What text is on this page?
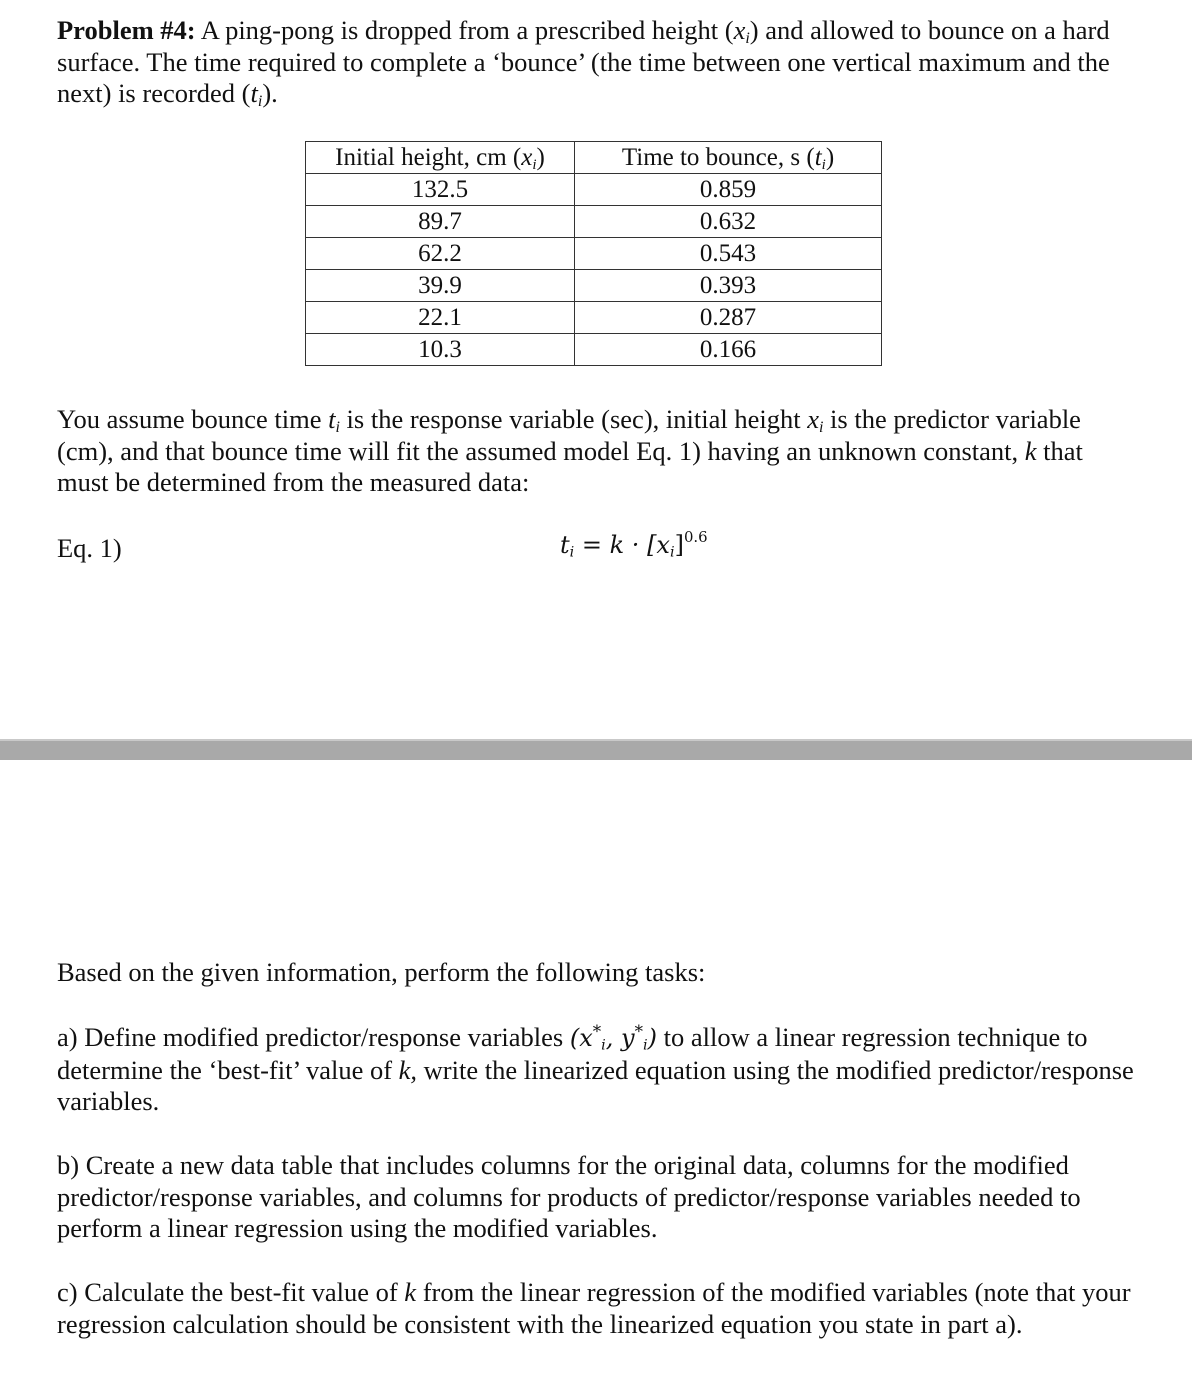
Problem #4: A ping-pong is dropped from a prescribed height $(x_i)$ and allowed to bounce on a hard surface. The time required to complete a ‘bounce’ (the time between one vertical maximum and the next) is recorded $(t_i)$.

Initial height, cm $(x_i)$	Time to bounce, s $(t_i)$
132.5	0.859
89.7	0.632
62.2	0.543
39.9	0.393
22.1	0.287
10.3	0.166

You assume bounce time $t_i$ is the response variable (sec), initial height $x_i$ is the predictor variable (cm), and that bounce time will fit the assumed model Eq. 1) having an unknown constant, k that must be determined from the measured data:

Eq. 1)	$t_i = k \cdot [x_i]^{0.6}$

Based on the given information, perform the following tasks:

a) Define modified predictor/response variables ($x^*_i$, $y^*_i$) to allow a linear regression technique to determine the ‘best-fit’ value of k, write the linearized equation using the modified predictor/response variables.

b) Create a new data table that includes columns for the original data, columns for the modified predictor/response variables, and columns for products of predictor/response variables needed to perform a linear regression using the modified variables.

c) Calculate the best-fit value of k from the linear regression of the modified variables (note that your regression calculation should be consistent with the linearized equation you state in part a).
